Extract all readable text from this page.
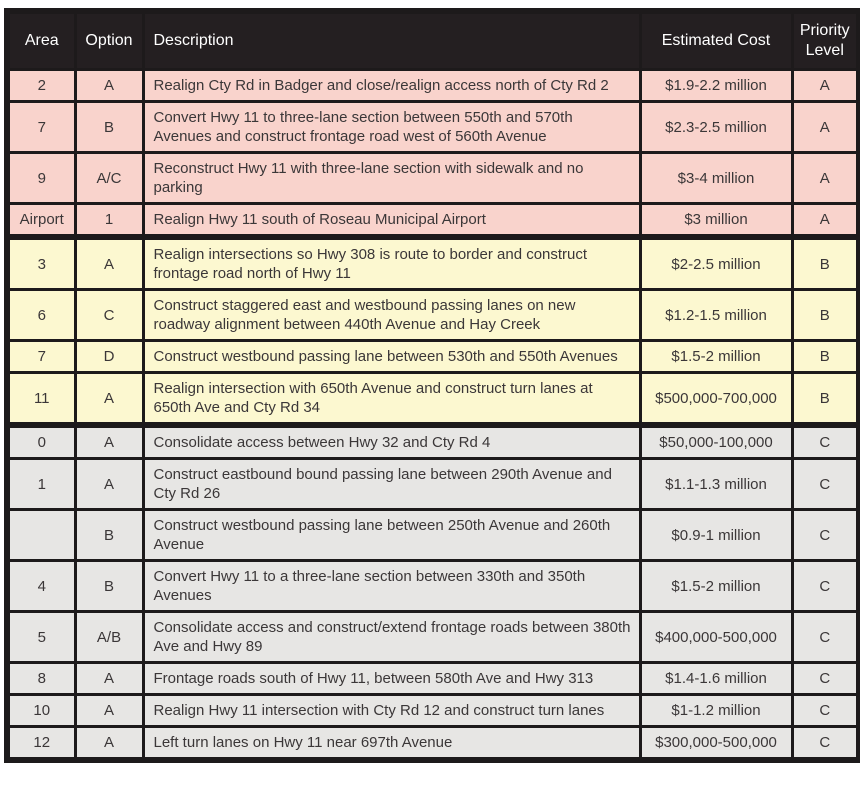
Area	Option	Description	Estimated Cost	Priority Level
2	A	Realign Cty Rd in Badger and close/realign access north of Cty Rd 2	$1.9-2.2 million	A
7	B	Convert Hwy 11 to three-lane section between 550th and 570th Avenues and construct frontage road west of 560th Avenue	$2.3-2.5 million	A
9	A/C	Reconstruct Hwy 11 with three-lane section with sidewalk and no parking	$3-4 million	A
Airport	1	Realign Hwy 11 south of Roseau Municipal Airport	$3 million	A
3	A	Realign intersections so Hwy 308 is route to border and construct frontage road north of Hwy 11	$2-2.5 million	B
6	C	Construct staggered east and westbound passing lanes on new roadway alignment between 440th Avenue and Hay Creek	$1.2-1.5 million	B
7	D	Construct westbound passing lane between 530th and 550th Avenues	$1.5-2 million	B
11	A	Realign intersection with 650th Avenue and construct turn lanes at 650th Ave and Cty Rd 34	$500,000-700,000	B
0	A	Consolidate access between Hwy 32 and Cty Rd 4	$50,000-100,000	C
1	A	Construct eastbound bound passing lane between 290th Avenue and Cty Rd 26	$1.1-1.3 million	C
	B	Construct westbound passing lane between 250th Avenue and 260th Avenue	$0.9-1 million	C
4	B	Convert Hwy 11 to a three-lane section between 330th and 350th Avenues	$1.5-2 million	C
5	A/B	Consolidate access and construct/extend frontage roads between 380th Ave and Hwy 89	$400,000-500,000	C
8	A	Frontage roads south of Hwy 11, between 580th Ave and Hwy 313	$1.4-1.6 million	C
10	A	Realign Hwy 11 intersection with Cty Rd 12 and construct turn lanes	$1-1.2 million	C
12	A	Left turn lanes on Hwy 11 near 697th Avenue	$300,000-500,000	C
